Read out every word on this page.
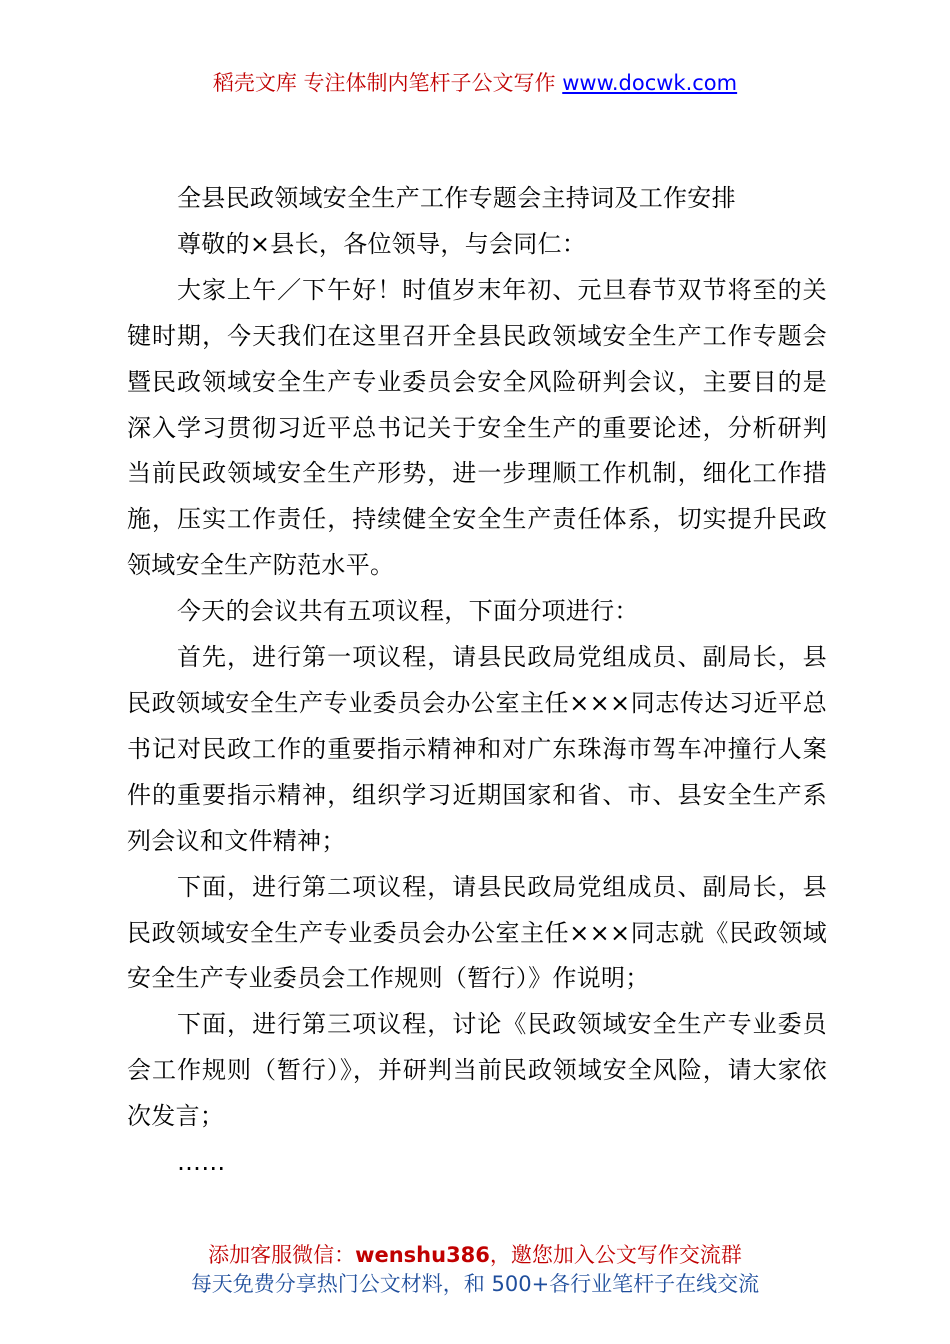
稻壳文库 专注体制内笔杆子公文写作 www.docwk.com

全县民政领域安全生产工作专题会主持词及工作安排

尊敬的×县长，各位领导，与会同仁：

大家上午／下午好！时值岁末年初、元旦春节双节将至的关键时期，今天我们在这里召开全县民政领域安全生产工作专题会暨民政领域安全生产专业委员会安全风险研判会议，主要目的是深入学习贯彻习近平总书记关于安全生产的重要论述，分析研判当前民政领域安全生产形势，进一步理顺工作机制，细化工作措施，压实工作责任，持续健全安全生产责任体系，切实提升民政领域安全生产防范水平。

今天的会议共有五项议程，下面分项进行：

首先，进行第一项议程，请县民政局党组成员、副局长，县民政领域安全生产专业委员会办公室主任×××同志传达习近平总书记对民政工作的重要指示精神和对广东珠海市驾车冲撞行人案件的重要指示精神，组织学习近期国家和省、市、县安全生产系列会议和文件精神；

下面，进行第二项议程，请县民政局党组成员、副局长，县民政领域安全生产专业委员会办公室主任×××同志就《民政领域安全生产专业委员会工作规则（暂行）》作说明；

下面，进行第三项议程，讨论《民政领域安全生产专业委员会工作规则（暂行）》，并研判当前民政领域安全风险，请大家依次发言；

……

添加客服微信：wenshu386，邀您加入公文写作交流群
每天免费分享热门公文材料，和 500+各行业笔杆子在线交流
